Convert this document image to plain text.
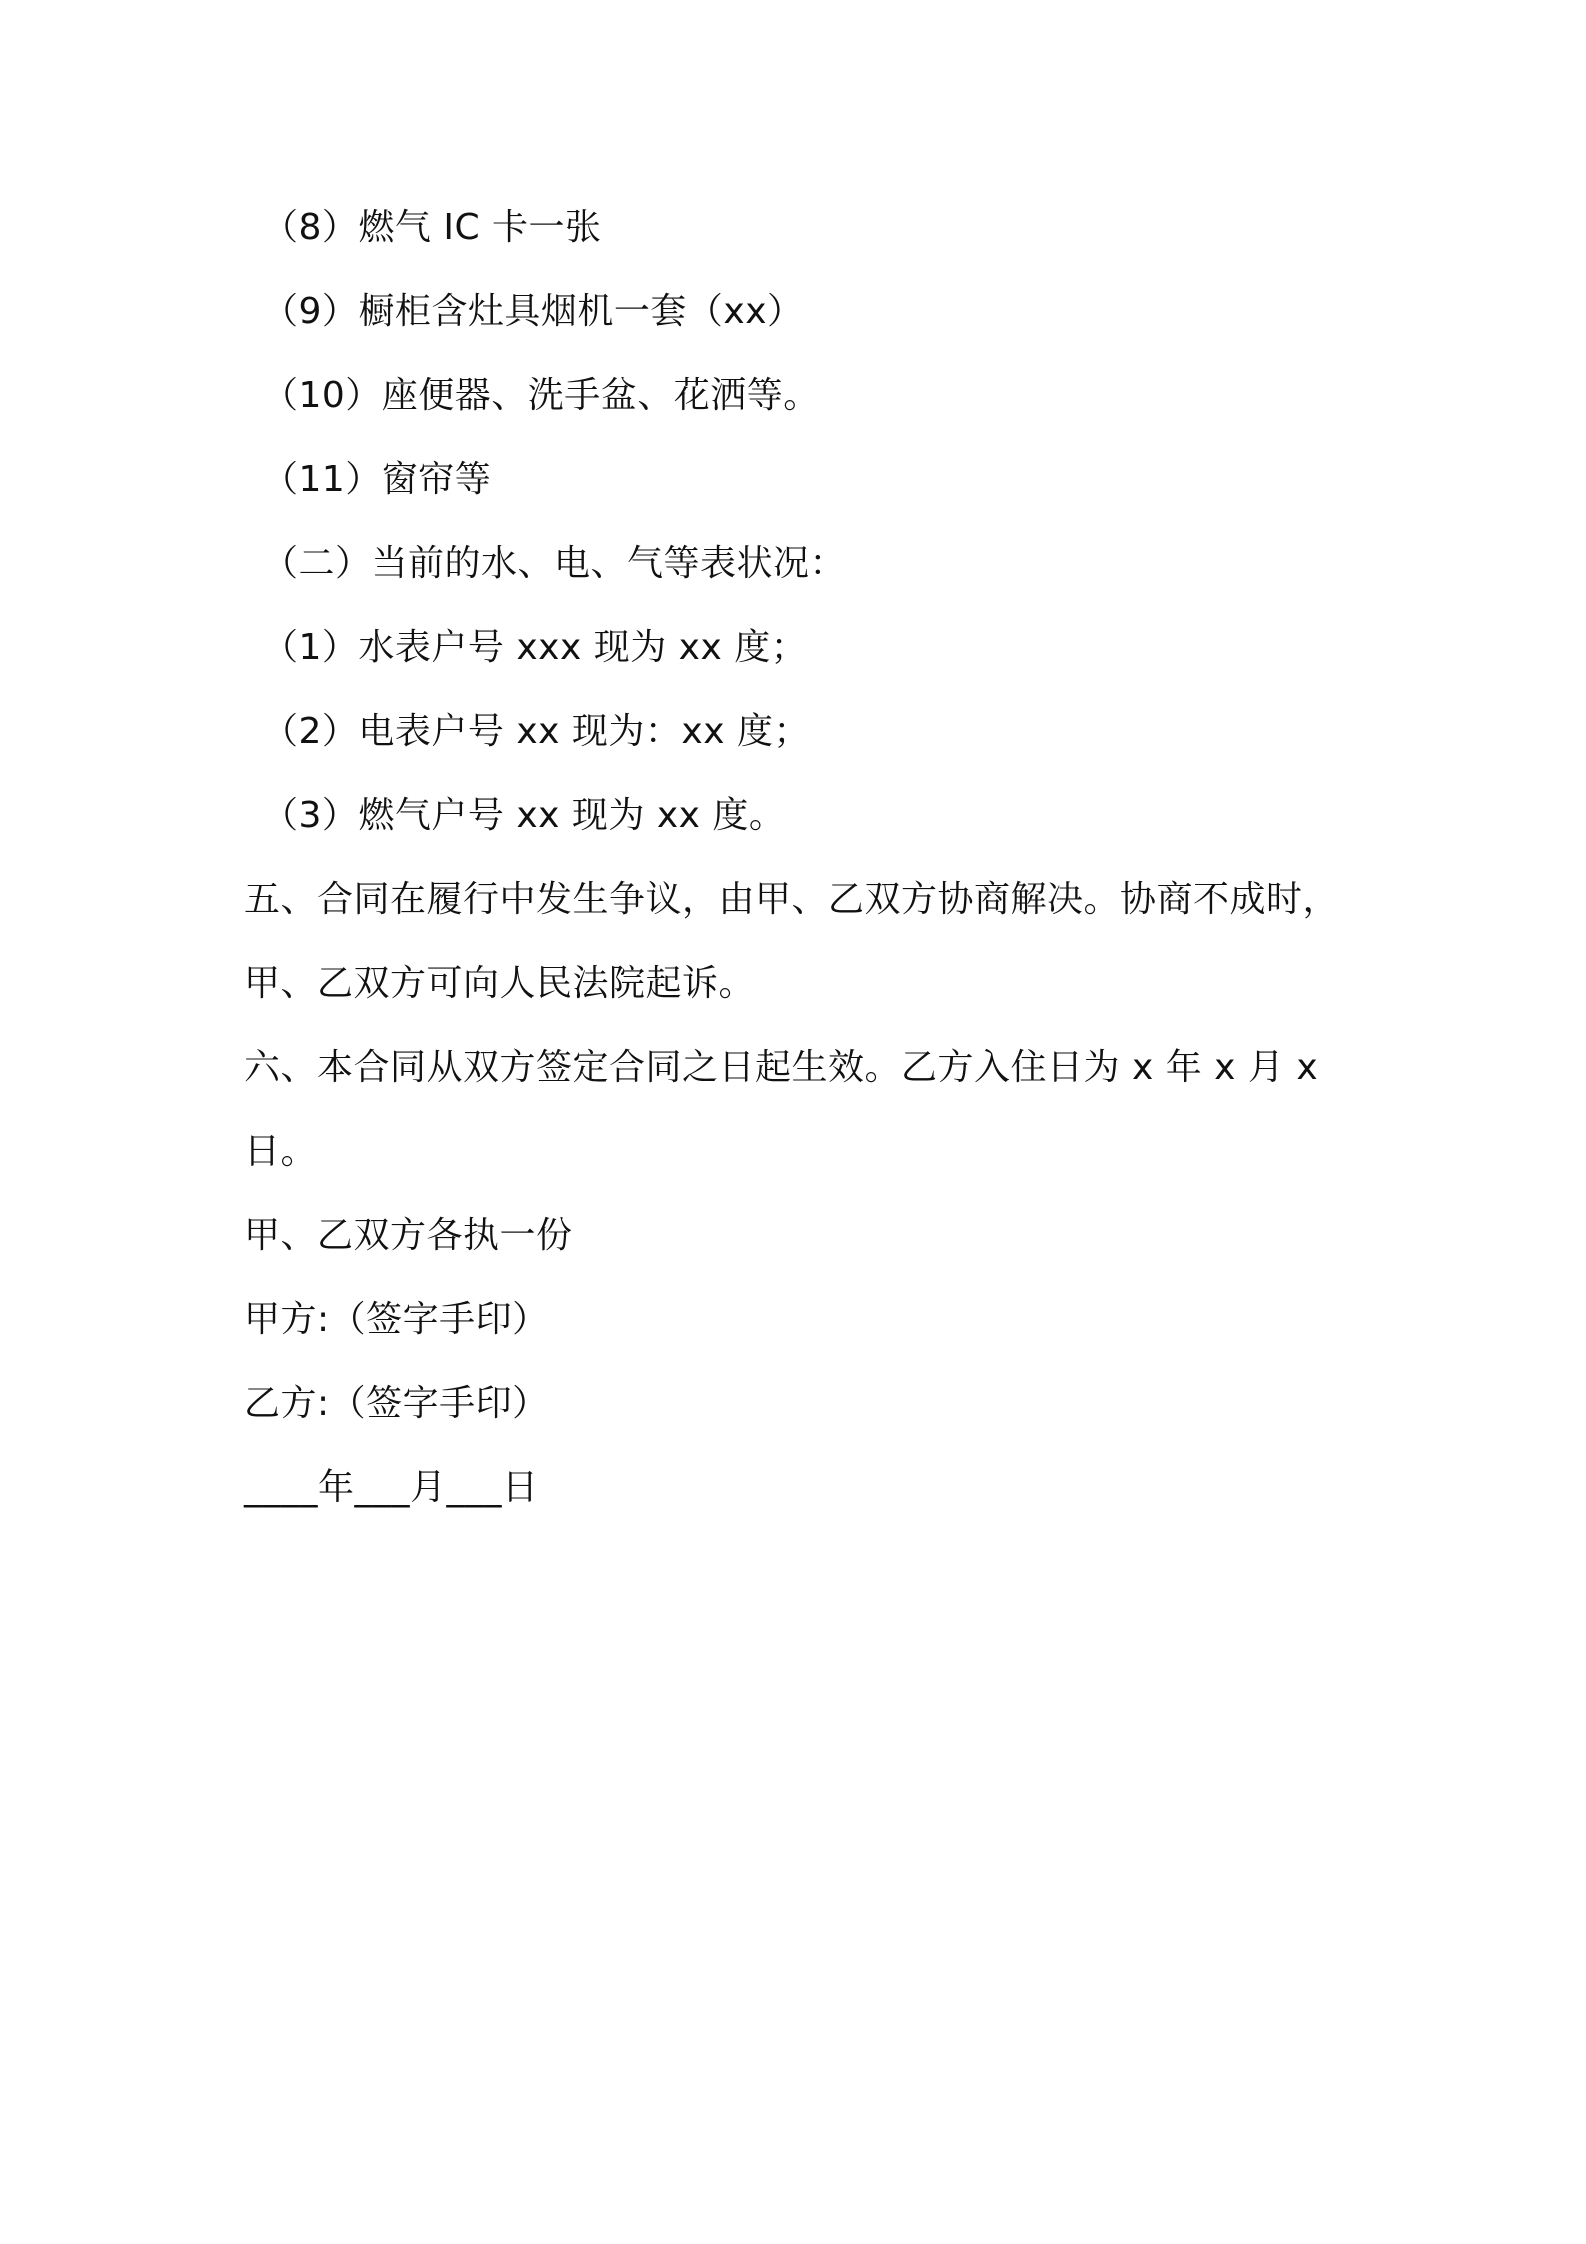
（8）燃气 IC 卡一张
（9）橱柜含灶具烟机一套（xx）
（10）座便器、洗手盆、花洒等。
（11）窗帘等
（二）当前的水、电、气等表状况：
（1）水表户号 xxx 现为 xx 度；
（2）电表户号 xx 现为：xx 度；
（3）燃气户号 xx 现为 xx 度。
五、合同在履行中发生争议，由甲、乙双方协商解决。协商不成时，
甲、乙双方可向人民法院起诉。
六、本合同从双方签定合同之日起生效。乙方入住日为 x 年 x 月 x
日。
甲、乙双方各执一份
甲方:（签字手印）
乙方:（签字手印）
____年___月___日
